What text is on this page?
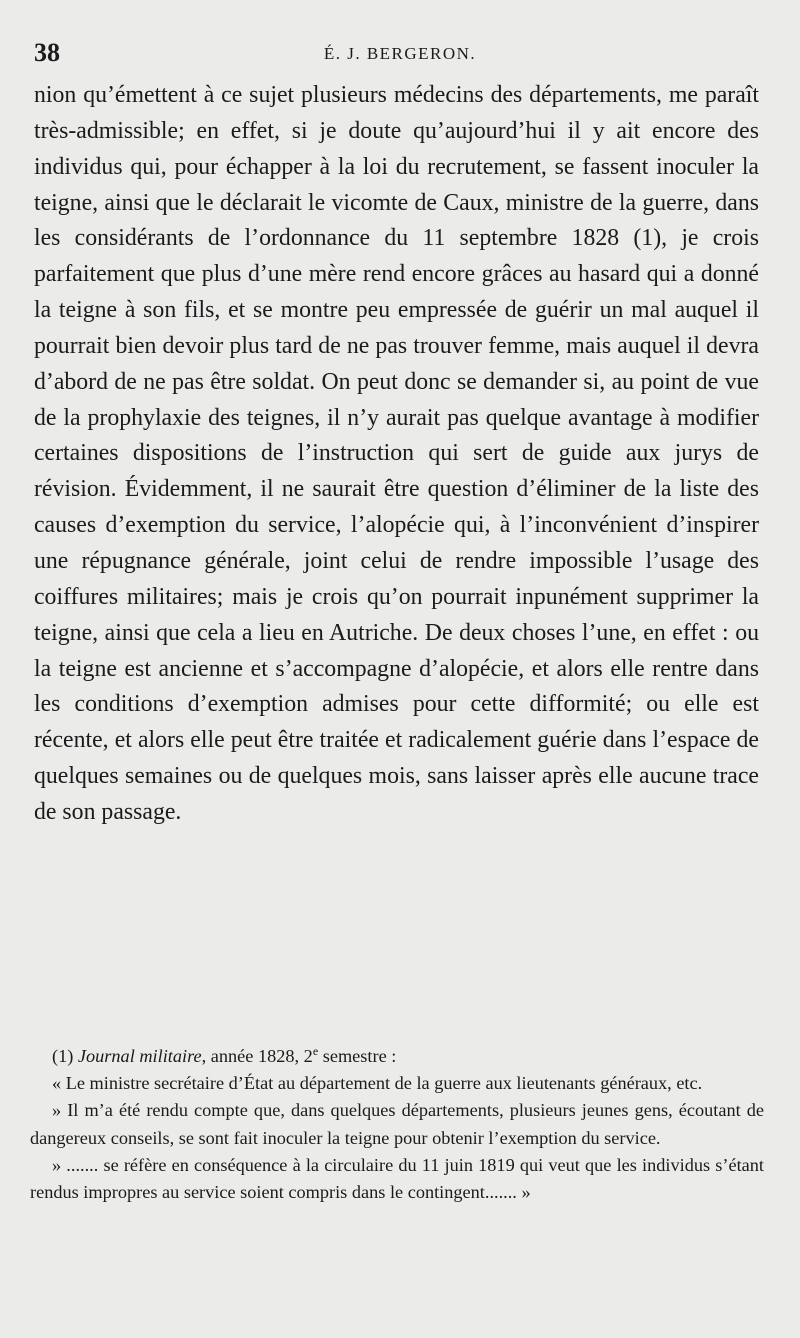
38	É. J. BERGERON.

nion qu’émettent à ce sujet plusieurs médecins des départements, me paraît très-admissible; en effet, si je doute qu’aujourd’hui il y ait encore des individus qui, pour échapper à la loi du recrutement, se fassent inoculer la teigne, ainsi que le déclarait le vicomte de Caux, ministre de la guerre, dans les considérants de l’ordonnance du 11 septembre 1828 (1), je crois parfaitement que plus d’une mère rend encore grâces au hasard qui a donné la teigne à son fils, et se montre peu empressée de guérir un mal auquel il pourrait bien devoir plus tard de ne pas trouver femme, mais auquel il devra d’abord de ne pas être soldat. On peut donc se demander si, au point de vue de la prophylaxie des teignes, il n’y aurait pas quelque avantage à modifier certaines dispositions de l’instruction qui sert de guide aux jurys de révision. Évidemment, il ne saurait être question d’éliminer de la liste des causes d’exemption du service, l’alopécie qui, à l’inconvénient d’inspirer une répugnance générale, joint celui de rendre impossible l’usage des coiffures militaires; mais je crois qu’on pourrait inpunément supprimer la teigne, ainsi que cela a lieu en Autriche. De deux choses l’une, en effet : ou la teigne est ancienne et s’accompagne d’alopécie, et alors elle rentre dans les conditions d’exemption admises pour cette difformité; ou elle est récente, et alors elle peut être traitée et radicalement guérie dans l’espace de quelques semaines ou de quelques mois, sans laisser après elle aucune trace de son passage.

(1) Journal militaire, année 1828, 2e semestre :

« Le ministre secrétaire d’État au département de la guerre aux lieutenants généraux, etc.

» Il m’a été rendu compte que, dans quelques départements, plusieurs jeunes gens, écoutant de dangereux conseils, se sont fait inoculer la teigne pour obtenir l’exemption du service.

» ....... se réfère en conséquence à la circulaire du 11 juin 1819 qui veut que les individus s’étant rendus impropres au service soient compris dans le contingent....... »
